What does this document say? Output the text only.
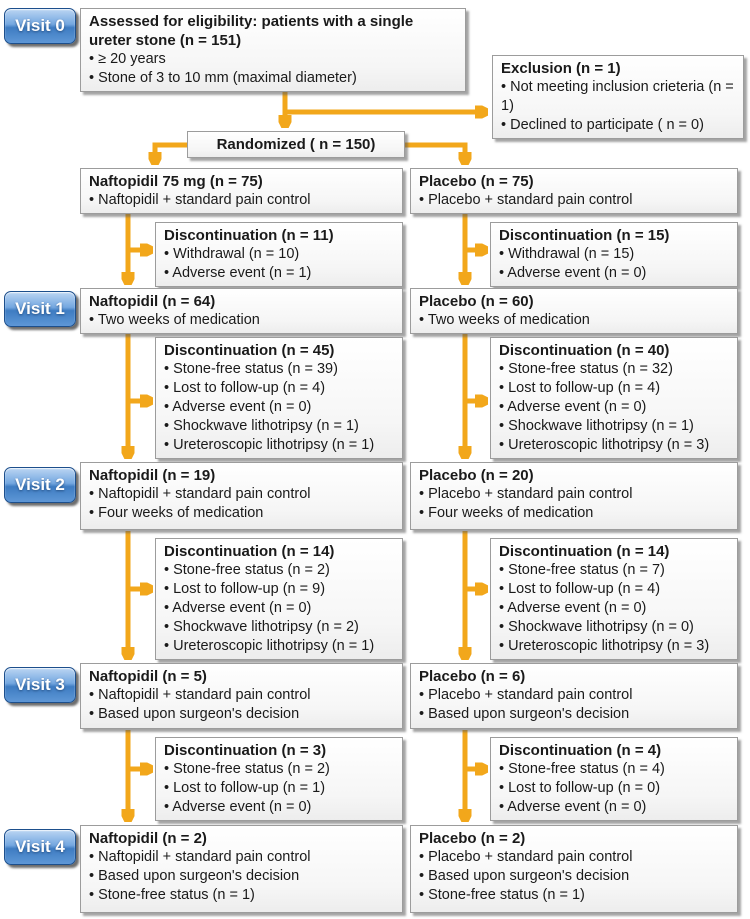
Visit 0
Visit 1
Visit 2
Visit 3
Visit 4
Assessed for eligibility: patients with a single ureter stone (n = 151)
• ≥ 20 years
• Stone of 3 to 10 mm (maximal diameter)
Exclusion (n = 1)
• Not meeting inclusion crieteria (n = 1)
• Declined to participate ( n = 0)
Randomized ( n = 150)
Naftopidil 75 mg (n = 75)
• Naftopidil + standard pain control
Placebo (n = 75)
• Placebo + standard pain control
Discontinuation (n = 11)
• Withdrawal (n = 10)
• Adverse event (n = 1)
Discontinuation (n = 15)
• Withdrawal (n = 15)
• Adverse event (n = 0)
Naftopidil (n = 64)
• Two weeks of medication
Placebo (n = 60)
• Two weeks of medication
Discontinuation (n = 45)
• Stone-free status (n = 39)
• Lost to follow-up (n = 4)
• Adverse event (n = 0)
• Shockwave lithotripsy (n = 1)
• Ureteroscopic lithotripsy (n = 1)
Discontinuation (n = 40)
• Stone-free status (n = 32)
• Lost to follow-up (n = 4)
• Adverse event (n = 0)
• Shockwave lithotripsy (n = 1)
• Ureteroscopic lithotripsy (n = 3)
Naftopidil (n = 19)
• Naftopidil + standard pain control
• Four weeks of medication
Placebo (n = 20)
• Placebo + standard pain control
• Four weeks of medication
Discontinuation (n = 14)
• Stone-free status (n = 2)
• Lost to follow-up (n = 9)
• Adverse event (n = 0)
• Shockwave lithotripsy (n = 2)
• Ureteroscopic lithotripsy (n = 1)
Discontinuation (n = 14)
• Stone-free status (n = 7)
• Lost to follow-up (n = 4)
• Adverse event (n = 0)
• Shockwave lithotripsy (n = 0)
• Ureteroscopic lithotripsy (n = 3)
Naftopidil (n = 5)
• Naftopidil + standard pain control
• Based upon surgeon's decision
Placebo (n = 6)
• Placebo + standard pain control
• Based upon surgeon's decision
Discontinuation (n = 3)
• Stone-free status (n = 2)
• Lost to follow-up (n = 1)
• Adverse event (n = 0)
Discontinuation (n = 4)
• Stone-free status (n = 4)
• Lost to follow-up (n = 0)
• Adverse event (n = 0)
Naftopidil (n = 2)
• Naftopidil + standard pain control
• Based upon surgeon's decision
• Stone-free status (n = 1)
Placebo (n = 2)
• Placebo + standard pain control
• Based upon surgeon's decision
• Stone-free status (n = 1)
